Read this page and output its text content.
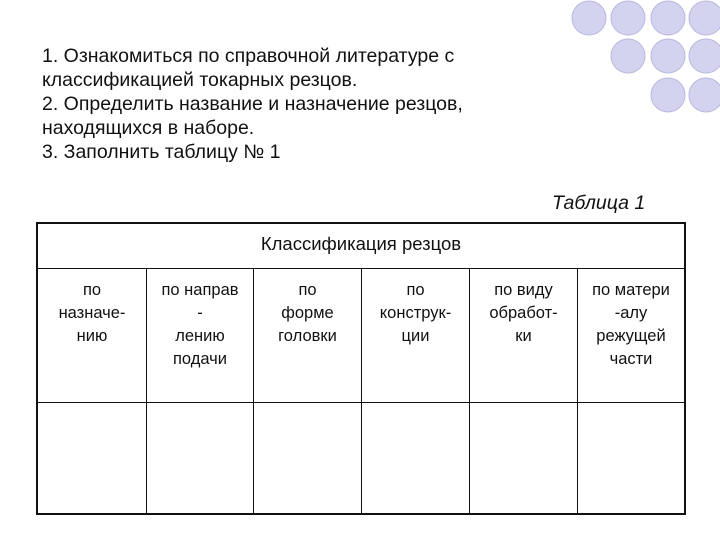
1. Ознакомиться по справочной литературе с
классификацией токарных резцов.
2. Определить название и назначение резцов,
находящихся в наборе.
3. Заполнить таблицу № 1
Таблица 1
Классификация резцов
по
назначе-
нию
по направ
-
лению
подачи
по
форме
головки
по
конструк-
ции
по виду
обработ-
ки
по матери
-алу
режущей
части
